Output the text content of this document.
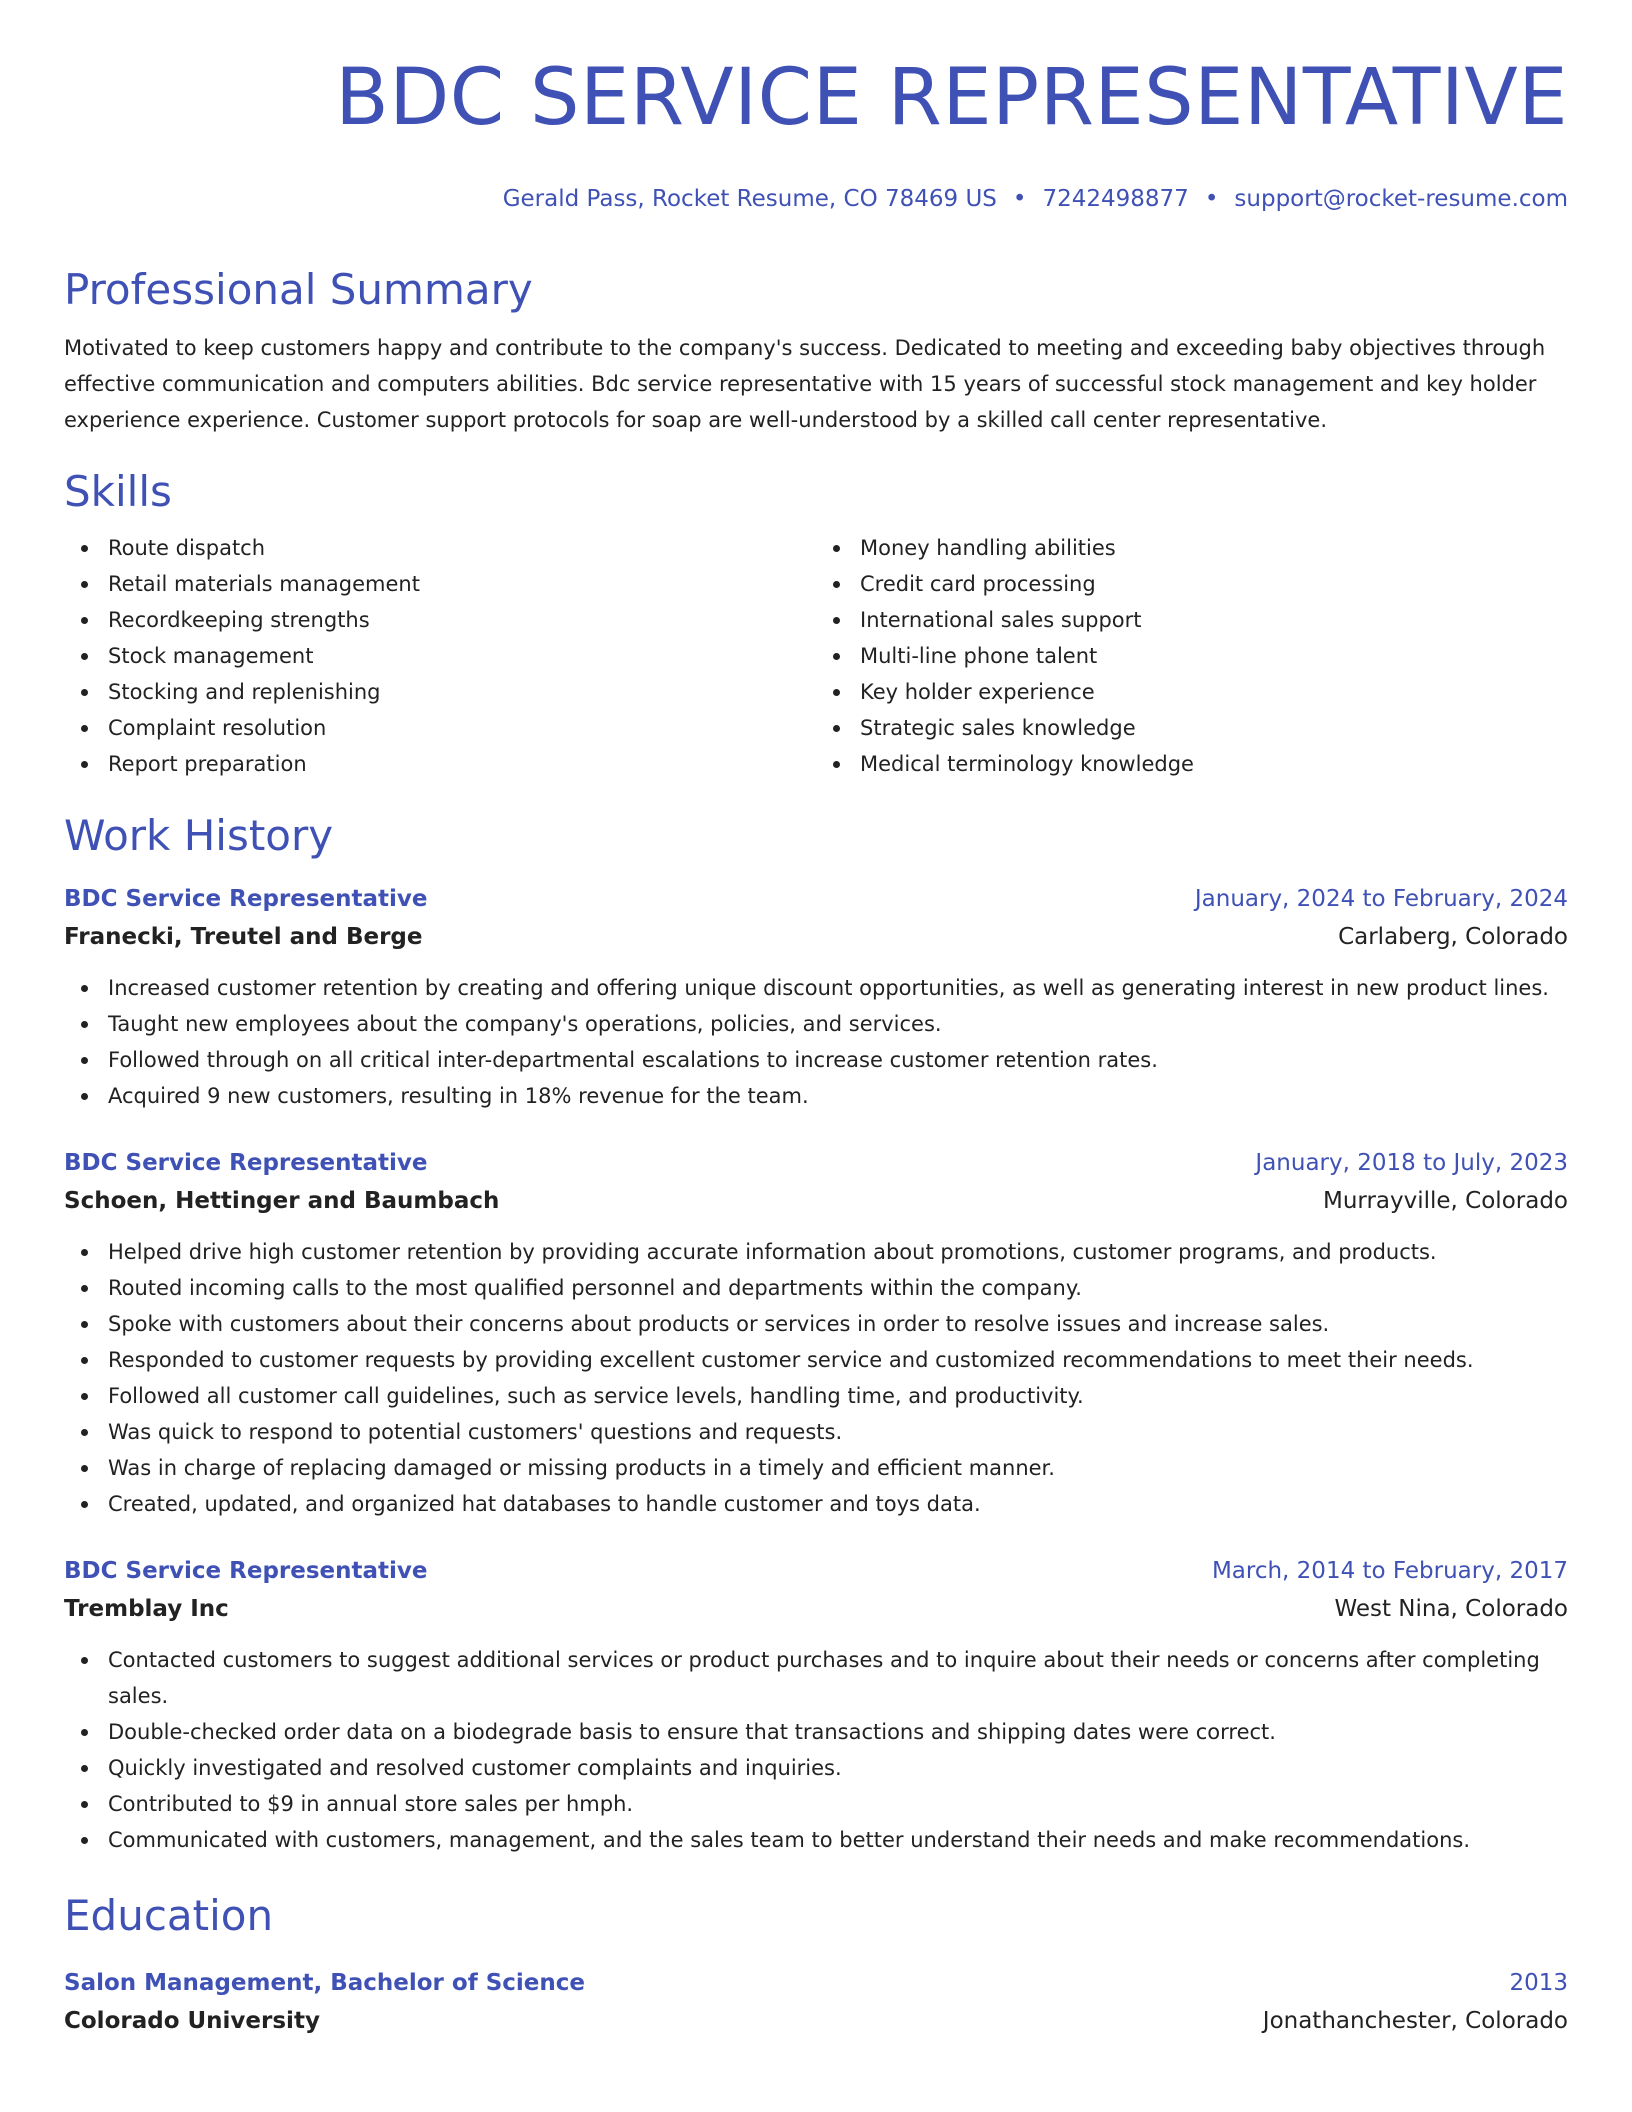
BDC SERVICE REPRESENTATIVE
Gerald Pass, Rocket Resume, CO 78469 US • 7242498877 • support@rocket-resume.com
Professional Summary

Motivated to keep customers happy and contribute to the company's success. Dedicated to meeting and exceeding baby objectives through effective communication and computers abilities. Bdc service representative with 15 years of successful stock management and key holder experience experience. Customer support protocols for soap are well-understood by a skilled call center representative.

Skills
Route dispatch
Retail materials management
Recordkeeping strengths
Stock management
Stocking and replenishing
Complaint resolution
Report preparation
Money handling abilities
Credit card processing
International sales support
Multi-line phone talent
Key holder experience
Strategic sales knowledge
Medical terminology knowledge
Work History
BDC Service Representative	January, 2024 to February, 2024
Franecki, Treutel and Berge	Carlaberg, Colorado
Increased customer retention by creating and offering unique discount opportunities, as well as generating interest in new product lines.
Taught new employees about the company's operations, policies, and services.
Followed through on all critical inter-departmental escalations to increase customer retention rates.
Acquired 9 new customers, resulting in 18% revenue for the team.
BDC Service Representative	January, 2018 to July, 2023
Schoen, Hettinger and Baumbach	Murrayville, Colorado
Helped drive high customer retention by providing accurate information about promotions, customer programs, and products.
Routed incoming calls to the most qualified personnel and departments within the company.
Spoke with customers about their concerns about products or services in order to resolve issues and increase sales.
Responded to customer requests by providing excellent customer service and customized recommendations to meet their needs.
Followed all customer call guidelines, such as service levels, handling time, and productivity.
Was quick to respond to potential customers' questions and requests.
Was in charge of replacing damaged or missing products in a timely and efficient manner.
Created, updated, and organized hat databases to handle customer and toys data.
BDC Service Representative	March, 2014 to February, 2017
Tremblay Inc	West Nina, Colorado
Contacted customers to suggest additional services or product purchases and to inquire about their needs or concerns after completing sales.
Double-checked order data on a biodegrade basis to ensure that transactions and shipping dates were correct.
Quickly investigated and resolved customer complaints and inquiries.
Contributed to $9 in annual store sales per hmph.
Communicated with customers, management, and the sales team to better understand their needs and make recommendations.
Education
Salon Management, Bachelor of Science	2013
Colorado University	Jonathanchester, Colorado
